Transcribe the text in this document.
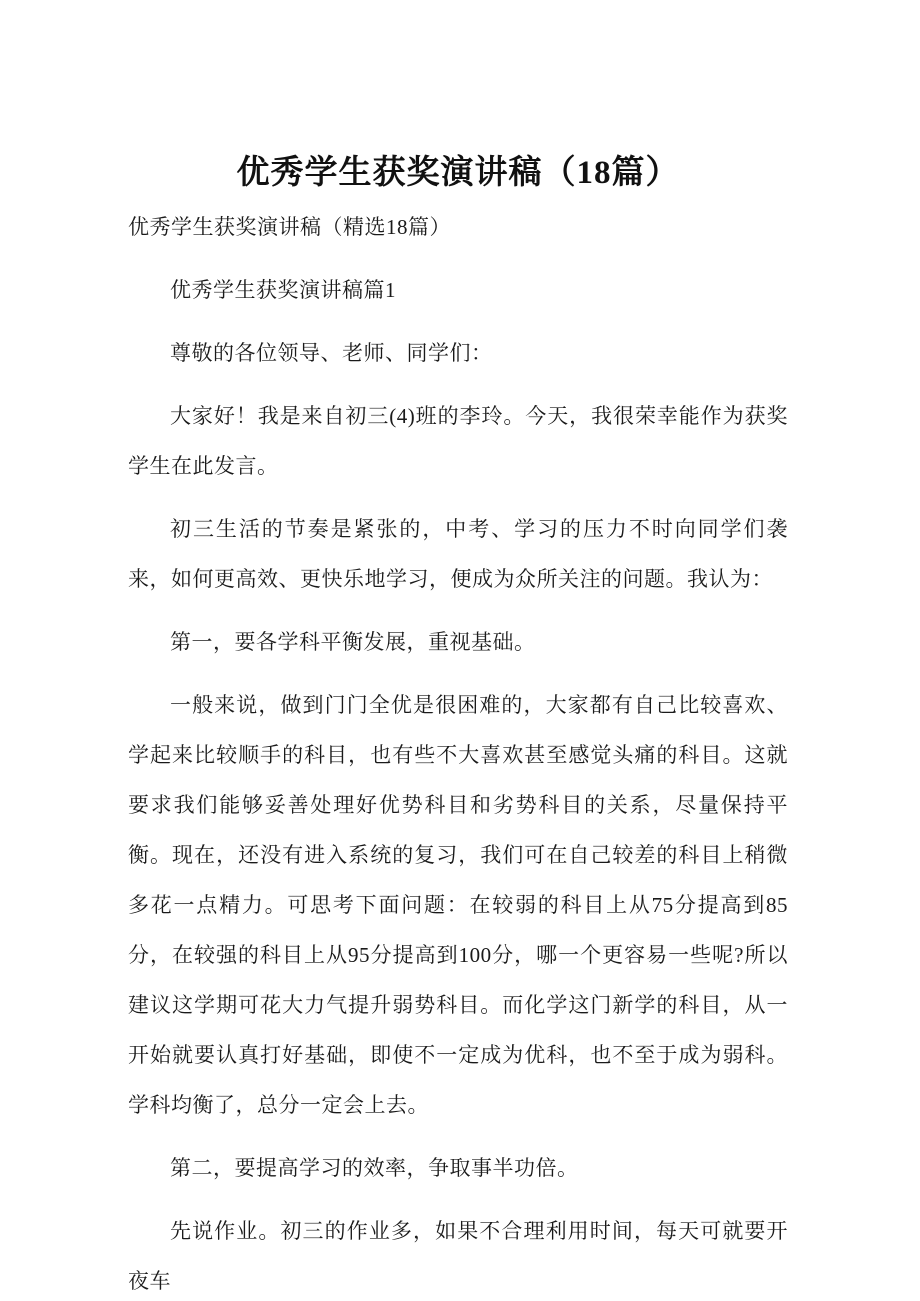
优秀学生获奖演讲稿（18篇）

优秀学生获奖演讲稿（精选18篇）

优秀学生获奖演讲稿篇1

尊敬的各位领导、老师、同学们：

大家好！我是来自初三(4)班的李玲。今天，我很荣幸能作为获奖学生在此发言。

初三生活的节奏是紧张的，中考、学习的压力不时向同学们袭来，如何更高效、更快乐地学习，便成为众所关注的问题。我认为：

第一，要各学科平衡发展，重视基础。

一般来说，做到门门全优是很困难的，大家都有自己比较喜欢、学起来比较顺手的科目，也有些不大喜欢甚至感觉头痛的科目。这就要求我们能够妥善处理好优势科目和劣势科目的关系，尽量保持平衡。现在，还没有进入系统的复习，我们可在自己较差的科目上稍微多花一点精力。可思考下面问题：在较弱的科目上从75分提高到85分，在较强的科目上从95分提高到100分，哪一个更容易一些呢?所以建议这学期可花大力气提升弱势科目。而化学这门新学的科目，从一开始就要认真打好基础，即使不一定成为优科，也不至于成为弱科。学科均衡了，总分一定会上去。

第二，要提高学习的效率，争取事半功倍。

先说作业。初三的作业多，如果不合理利用时间，每天可就要开夜车
